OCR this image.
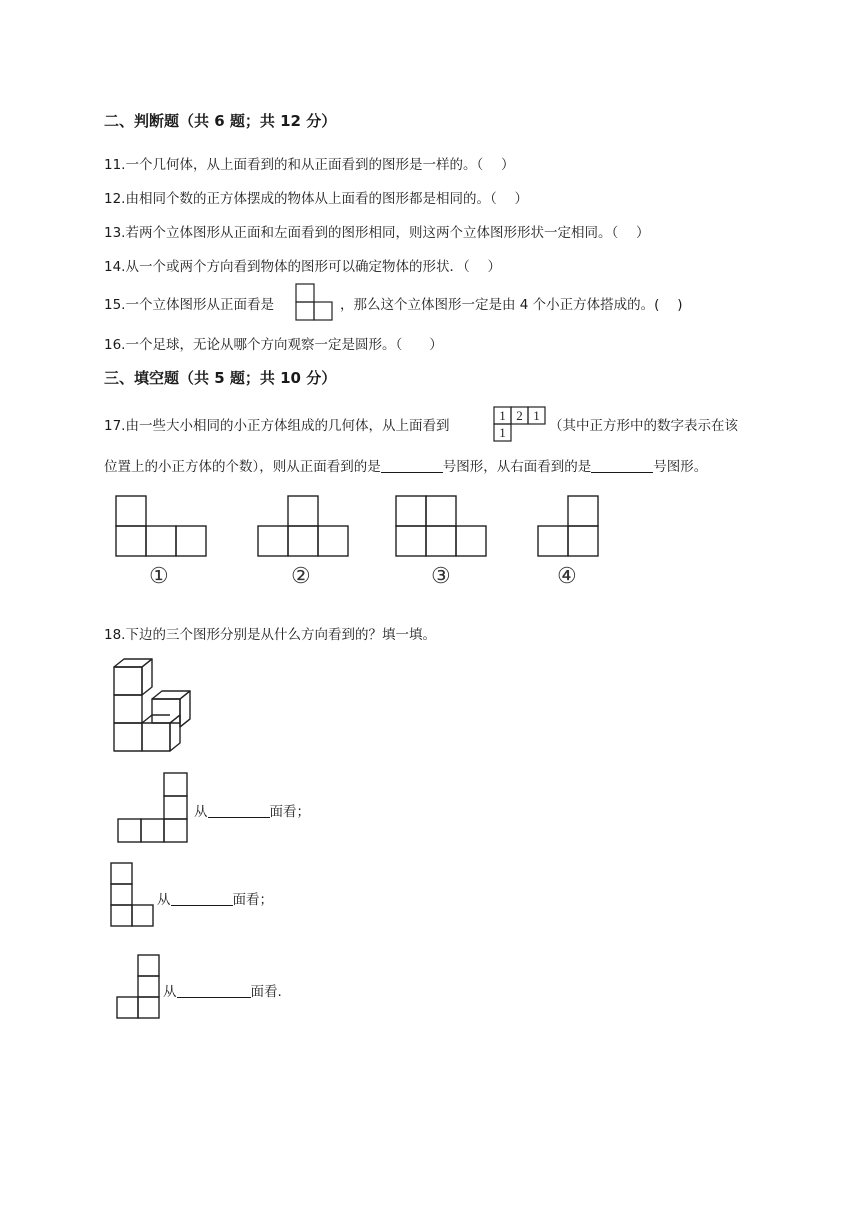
二、判断题（共 6 题；共 12 分）
11.一个几何体，从上面看到的和从正面看到的图形是一样的。（　 ）
12.由相同个数的正方体摆成的物体从上面看的图形都是相同的。（　 ）
13.若两个立体图形从正面和左面看到的图形相同，则这两个立体图形形状一定相同。（　 ）
14.从一个或两个方向看到物体的图形可以确定物体的形状．（　 ）
15.一个立体图形从正面看是	，那么这个立体图形一定是由 4 个小正方体搭成的。(　 )
16.一个足球，无论从哪个方向观察一定是圆形。（　　）
三、填空题（共 5 题；共 10 分）
17.由一些大小相同的小正方体组成的几何体，从上面看到
1 2 1
1	（其中正方形中的数字表示在该
位置上的小正方体的个数），则从正面看到的是	号图形，从右面看到的是	号图形。
①	②	③	④
18.下边的三个图形分别是从什么方向看到的？填一填。
从	面看；
从	面看；
从	面看.
